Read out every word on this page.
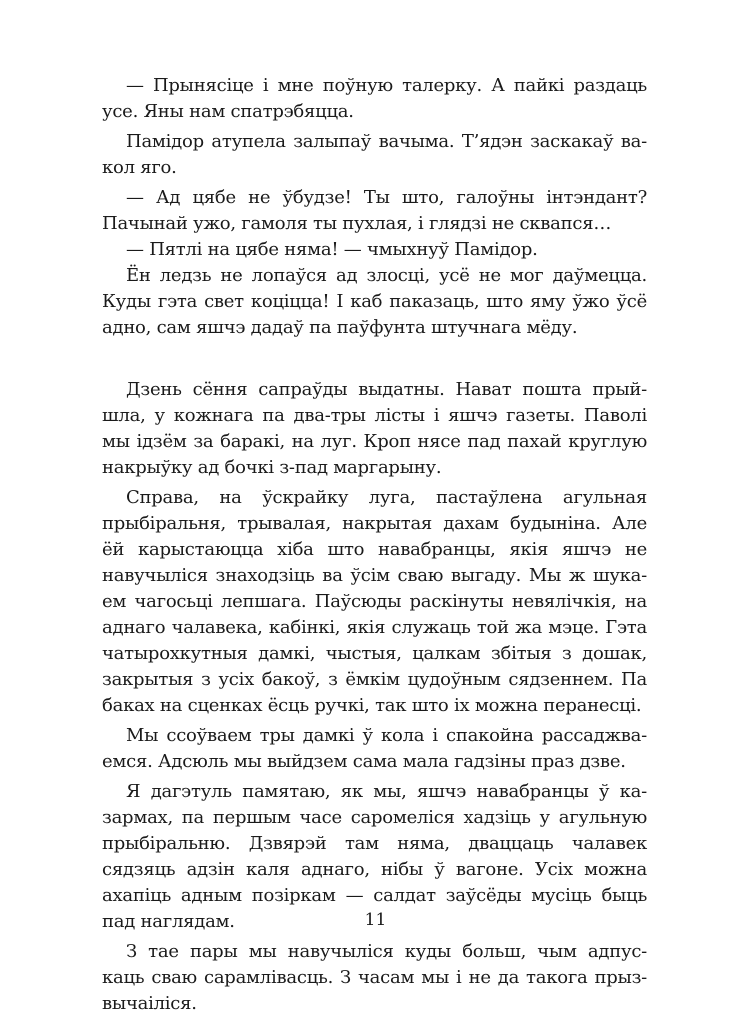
— Прынясіце і мне поўную талерку. А пайкі раздаць
усе. Яны нам спатрэбяцца.
Памідор атупела залыпаў вачыма. Т’ядэн заскакаў ва-
кол яго.
— Ад цябе не ўбудзе! Ты што, галоўны інтэндант?
Пачынай ужо, гамоля ты пухлая, і глядзі не сквапся…
— Пятлі на цябе няма! — чмыхнуў Памідор.
Ён ледзь не лопаўся ад злосці, усё не мог даўмецца.
Куды гэта свет коціцца! І каб паказаць, што яму ўжо ўсё
адно, сам яшчэ дадаў па паўфунта штучнага мёду.
Дзень сёння сапраўды выдатны. Нават пошта прый-
шла, у кожнага па два-тры лісты і яшчэ газеты. Паволі
мы ідзём за баракі, на луг. Кроп нясе пад пахай круглую
накрыўку ад бочкі з-пад маргарыну.
Справа, на ўскрайку луга, пастаўлена агульная
прыбіральня, трывалая, накрытая дахам будыніна. Але
ёй карыстаюцца хіба што навабранцы, якія яшчэ не
навучыліся знаходзіць ва ўсім сваю выгаду. Мы ж шука-
ем чагосьці лепшага. Паўсюды раскінуты невялічкія, на
аднаго чалавека, кабінкі, якія служаць той жа мэце. Гэта
чатырохкутныя дамкі, чыстыя, цалкам збітыя з дошак,
закрытыя з усіх бакоў, з ёмкім цудоўным сядзеннем. Па
баках на сценках ёсць ручкі, так што іх можна перанесці.
Мы ссоўваем тры дамкі ў кола і спакойна рассаджва-
емся. Адсюль мы выйдзем сама мала гадзіны праз дзве.
Я дагэтуль памятаю, як мы, яшчэ навабранцы ў ка-
зармах, па першым часе саромеліся хадзіць у агульную
прыбіральню. Дзвярэй там няма, дваццаць чалавек
сядзяць адзін каля аднаго, нібы ў вагоне. Усіх можна
ахапіць адным позіркам — салдат заўсёды мусіць быць
пад наглядам.
З тае пары мы навучыліся куды больш, чым адпус-
каць сваю сарамлівасць. З часам мы і не да такога прыз-
вычаіліся.
11
